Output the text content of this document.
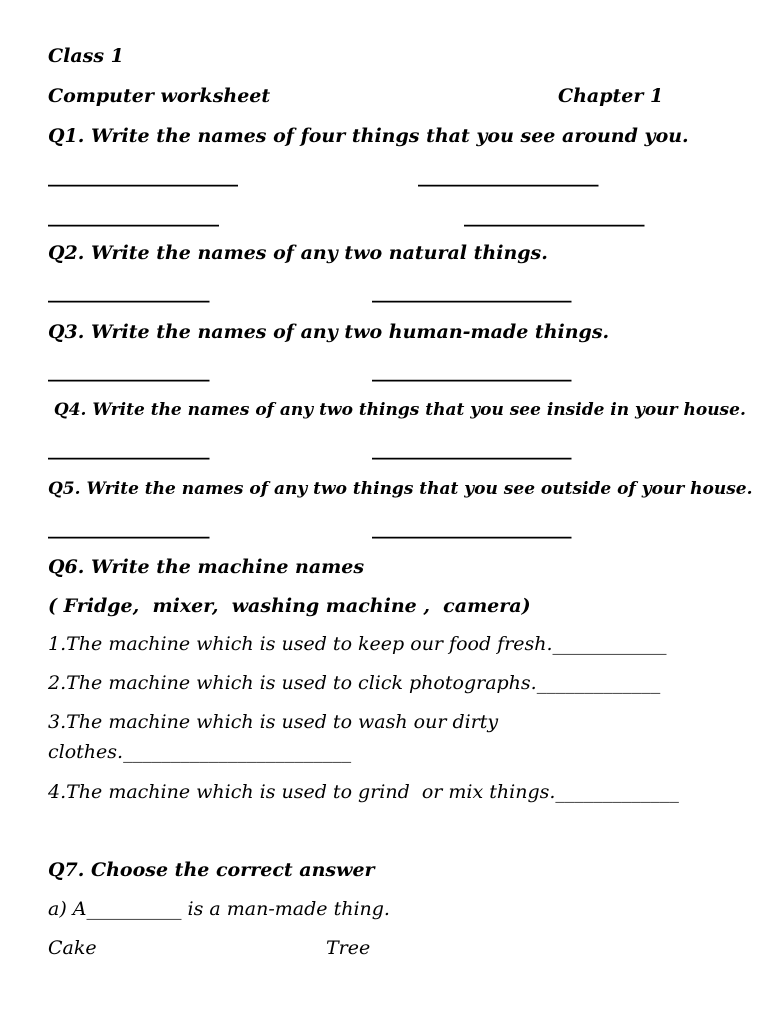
Class 1

Computer worksheet	Chapter 1

Q1. Write the names of four things that you see around you.

____________________	___________________

__________________	___________________

Q2. Write the names of any two natural things.

_________________	_____________________

Q3. Write the names of any two human-made things.

_________________	_____________________

Q4. Write the names of any two things that you see inside in your house.

_________________	_____________________

Q5. Write the names of any two things that you see outside of your house.

_________________	_____________________

Q6. Write the machine names

( Fridge,  mixer,  washing machine ,  camera)

1.The machine which is used to keep our food fresh.____________

2.The machine which is used to click photographs._____________

3.The machine which is used to wash our dirty

clothes.________________________

4.The machine which is used to grind  or mix things._____________

Q7. Choose the correct answer

a) A__________ is a man-made thing.

Cake	Tree
